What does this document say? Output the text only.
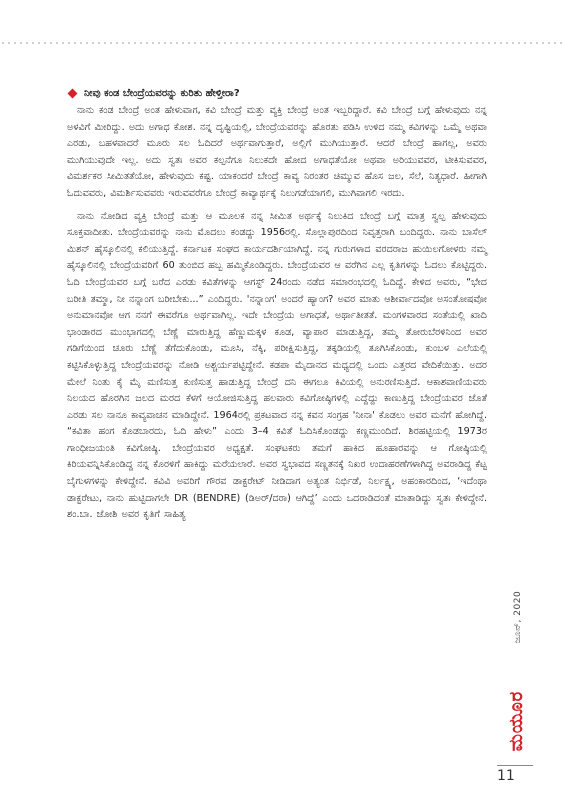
ನೀವು ಕಂಡ ಬೇಂದ್ರೆಯವರನ್ನು ಕುರಿತು ಹೇಳ್ತೀರಾ?

ನಾನು ಕಂಡ ಬೇಂದ್ರೆ ಅಂತ ಹೇಳುವಾಗ, ಕವಿ ಬೇಂದ್ರೆ ಮತ್ತು ವ್ಯಕ್ತಿ ಬೇಂದ್ರೆ ಅಂತ ಇಬ್ಬರಿದ್ದಾರೆ. ಕವಿ ಬೇಂದ್ರೆ ಬಗ್ಗೆ ಹೇಳುವುದು ನನ್ನ ಅಳವಿಗೆ ಮೀರಿದ್ದು. ಅದು ಅಗಾಧ ಕೋಶ. ನನ್ನ ದೃಷ್ಟಿಯಲ್ಲಿ, ಬೇಂದ್ರೆಯವರನ್ನು ಹೊರತು ಪಡಿಸಿ ಉಳಿದ ನಮ್ಮ ಕವಿಗಳನ್ನು ಒಮ್ಮೆ ಅಥವಾ ಎರಡು, ಬಹಳವಾದರೆ ಮೂರು ಸಲ ಓದಿದರೆ ಅರ್ಥವಾಗುತ್ತಾರೆ, ಅಲ್ಲಿಗೆ ಮುಗಿಯುತ್ತಾರೆ. ಆದರೆ ಬೇಂದ್ರೆ ಹಾಗಲ್ಲ, ಅವರು ಮುಗಿಯುವುದೇ ಇಲ್ಲ. ಅದು ಸ್ವತಃ ಅವರ ಕಲ್ಪನೆಗೂ ನಿಲುಕದೇ ಹೋದ ಅಗಾಧತೆಯೋ ಅಥವಾ ಅರಿಯುವವರ, ಟೀಕಿಸುವವರ, ವಿಮರ್ಶಕರ ಸೀಮಿತತೆಯೋ, ಹೇಳುವುದು ಕಷ್ಟ. ಯಾಕಂದರೆ ಬೇಂದ್ರೆ ಕಾವ್ಯ ನಿರಂತರ ಚಿಮ್ಮುವ ಹೊಸ ಜಲ, ಸೆಲೆ, ನಿತ್ಯಧಾರೆ. ಹೀಗಾಗಿ ಓದುವವರು, ವಿಮರ್ಶಿಸುವವರು ಇರುವವರೆಗೂ ಬೇಂದ್ರೆ ಕಾವ್ಯಾರ್ಥಕ್ಕೆ ನಿಲುಗಡೆಯಾಗಲಿ, ಮುಗಿವಾಗಲಿ ಇರದು.

ನಾನು ನೋಡಿದ ವ್ಯಕ್ತಿ ಬೇಂದ್ರೆ ಮತ್ತು ಆ ಮೂಲಕ ನನ್ನ ಸೀಮಿತ ಅರ್ಥಕ್ಕೆ ನಿಲುಕಿದ ಬೇಂದ್ರೆ ಬಗ್ಗೆ ಮಾತ್ರ ಸ್ವಲ್ಪ ಹೇಳುವುದು ಸೂಕ್ತವಾದೀತು. ಬೇಂದ್ರೆಯವರನ್ನು ನಾನು ಮೊದಲು ಕಂಡದ್ದು 1956ರಲ್ಲಿ. ಸೊಲ್ಲಾಪುರದಿಂದ ನಿವೃತ್ತರಾಗಿ ಬಂದಿದ್ದರು. ನಾನು ಬಾಸೆಲ್ ಮಿಶನ್ ಹೈಸ್ಕೂಲಿನಲ್ಲಿ ಕಲಿಯುತ್ತಿದ್ದೆ. ಕರ್ನಾಟಕ ಸಂಘದ ಕಾರ್ಯದರ್ಶಿಯಾಗಿದ್ದೆ. ನನ್ನ ಗುರುಗಳಾದ ವರದರಾಜ ಹುಯಿಲಗೋಳರು ನಮ್ಮ ಹೈಸ್ಕೂಲಿನಲ್ಲಿ ಬೇಂದ್ರೆಯವರಿಗೆ 60 ತುಂಬಿದ ಹಬ್ಬ ಹಮ್ಮಿಕೊಂಡಿದ್ದರು. ಬೇಂದ್ರೆಯವರ ಆ ವರೆಗಿನ ಎಲ್ಲ ಕೃತಿಗಳನ್ನು ಓದಲು ಕೊಟ್ಟಿದ್ದರು. ಓದಿ ಬೇಂದ್ರೆಯವರ ಬಗ್ಗೆ ಬರೆದ ಎರಡು ಕವಿತೆಗಳನ್ನು ಆಗಸ್ಟ್ 24ರಂದು ನಡೆದ ಸಮಾರಂಭದಲ್ಲಿ ಓದಿದ್ದೆ. ಕೇಳಿದ ಅವರು, “ಭೇದ ಬರೀತಿ ತಮ್ಮಾ, ನೀ ನನ್ನಾಂಗ ಬರೀಬೇಕು...” ಎಂದಿದ್ದರು. 'ನನ್ನಾಂಗ' ಅಂದರೆ ಹ್ಯಾಂಗ? ಅವರ ಮಾತು ಆಶೀರ್ವಾದವೋ ಅಸಂತೋಷವೋ ಅನುಮಾನವೋ ಆಗ ನನಗೆ ಈವರೆಗೂ ಅರ್ಥವಾಗಿಲ್ಲ. ಇದೇ ಬೇಂದ್ರೆಯ ಅಗಾಧತೆ, ಅರ್ಥಾತೀತತೆ. ಮಂಗಳವಾರದ ಸಂತೆಯಲ್ಲಿ ಖಾದಿ ಭಾಂಡಾರದ ಮುಂಭಾಗದಲ್ಲಿ ಬೆಣ್ಣೆ ಮಾರುತ್ತಿದ್ದ ಹೆಣ್ಣುಮಕ್ಕಳ ಕೂಡ, ವ್ಯಾಪಾರ ಮಾಡುತ್ತಿದ್ದ, ತಮ್ಮ ತೋರುಬೆರಳಿನಿಂದ ಅವರ ಗಡಿಗೆಯಿಂದ ಚೂರು ಬೆಣ್ಣೆ ತೆಗೆದುಕೊಂಡು, ಮೂಸಿ, ನೆಕ್ಕಿ, ಪರೀಕ್ಷಿಸುತ್ತಿದ್ದ, ತಕ್ಕಡಿಯಲ್ಲಿ ತೂಗಿಸಿಕೊಂಡು, ಕುಂಬಳ ಎಲೆಯಲ್ಲಿ ಕಟ್ಟಿಸಿಕೊಳ್ಳುತ್ತಿದ್ದ ಬೇಂದ್ರೆಯವರನ್ನು ನೋಡಿ ಅಶ್ಚರ್ಯಪಟ್ಟಿದ್ದೇನೆ. ಕಡಪಾ ಮೈದಾನದ ಮಧ್ಯದಲ್ಲಿ ಒಂದು ಎತ್ತರದ ವೇದಿಕೆಯಿತ್ತು. ಅದರ ಮೇಲೆ ನಿಂತು ಕೈ ಮೈ ಮಣಿಸುತ್ತ ಕುಣಿಸುತ್ತ ಹಾಡುತ್ತಿದ್ದ ಬೇಂದ್ರೆ ದನಿ ಈಗಲೂ ಕಿವಿಯಲ್ಲಿ ಅನುರಣಿಸುತ್ತಿದೆ. ಆಕಾಶವಾಣಿಯವರು ನಿಲಯದ ಹೊರಗಿನ ಜಲದ ಮರದ ಕೆಳಗೆ ಆಯೋಜಿಸುತ್ತಿದ್ದ ಹಲವಾರು ಕವಿಗೋಷ್ಠಿಗಳಲ್ಲಿ ಎದ್ದೆದ್ದು ಕಾಣುತ್ತಿದ್ದ ಬೇಂದ್ರೆಯವರ ಜೊತೆ ಎರಡು ಸಲ ನಾನೂ ಕಾವ್ಯವಾಚನ ಮಾಡಿದ್ದೇನೆ. 1964ರಲ್ಲಿ ಪ್ರಕಟವಾದ ನನ್ನ ಕವನ ಸಂಗ್ರಹ 'ನೀನಾ' ಕೊಡಲು ಅವರ ಮನೆಗೆ ಹೋಗಿದ್ದೆ. “ಕವಿತಾ ಹಂಗ ಕೊಡಬಾರದು, ಓದಿ ಹೇಳು” ಎಂದು 3–4 ಕವಿತೆ ಓದಿಸಿಕೊಂಡದ್ದು ಕಣ್ಣಮುಂದಿದೆ. ಶಿರಹಟ್ಟಿಯಲ್ಲಿ 1973ರ ಗಾಂಧೀಜಯಂತಿ ಕವಿಗೋಷ್ಠಿ. ಬೇಂದ್ರೆಯವರ ಅಧ್ಯಕ್ಷತೆ. ಸಂಘಟಕರು ತಮಗೆ ಹಾಕಿದ ಹೂಹಾರವನ್ನು ಆ ಗೋಷ್ಠಿಯಲ್ಲಿ ಕಿರಿಯವನ್ನಿಸಿಕೊಂಡಿದ್ದ ನನ್ನ ಕೊರಳಿಗೆ ಹಾಕಿದ್ದು ಮರೆಯಲಾರೆ. ಅವರ ಸ್ವಭಾವದ ಸಣ್ಣತನಕ್ಕೆ ನಿಖರ ಉದಾಹರಣೆಗಳಾಗಿದ್ದ ಅವರಾಡಿದ್ದ ಕೆಟ್ಟ ಬೈಗುಳಗಳನ್ನು ಕೇಳಿದ್ದೇನೆ. ಕವಿವಿ ಅವರಿಗೆ ಗೌರವ ಡಾಕ್ಟರೇಟ್ ನೀಡಿದಾಗ ಅತ್ಯಂತ ನಿರ್ಭಿಡೆ, ನಿರ್ಲಕ್ಷ್ಯ, ಅಹಂಕಾರದಿಂದ, ‘ಇದೆಂಥಾ ಡಾಕ್ಟರೇಟು, ನಾನು ಹುಟ್ಟಿದಾಗಲೇ DR (BENDRE) (ಡಿಅರ್/ದರಾ) ಆಗಿದ್ದೆ’ ಎಂದು ಒದರಾಡಿದಂತೆ ಮಾತಾಡಿದ್ದು ಸ್ವತಃ ಕೇಳಿದ್ದೇನೆ. ಶಂ.ಬಾ. ಜೋಶಿ ಅವರ ಕೃತಿಗೆ ಸಾಹಿತ್ಯ

ಜೂನ್, 2020
ಮಯೂರ
11
